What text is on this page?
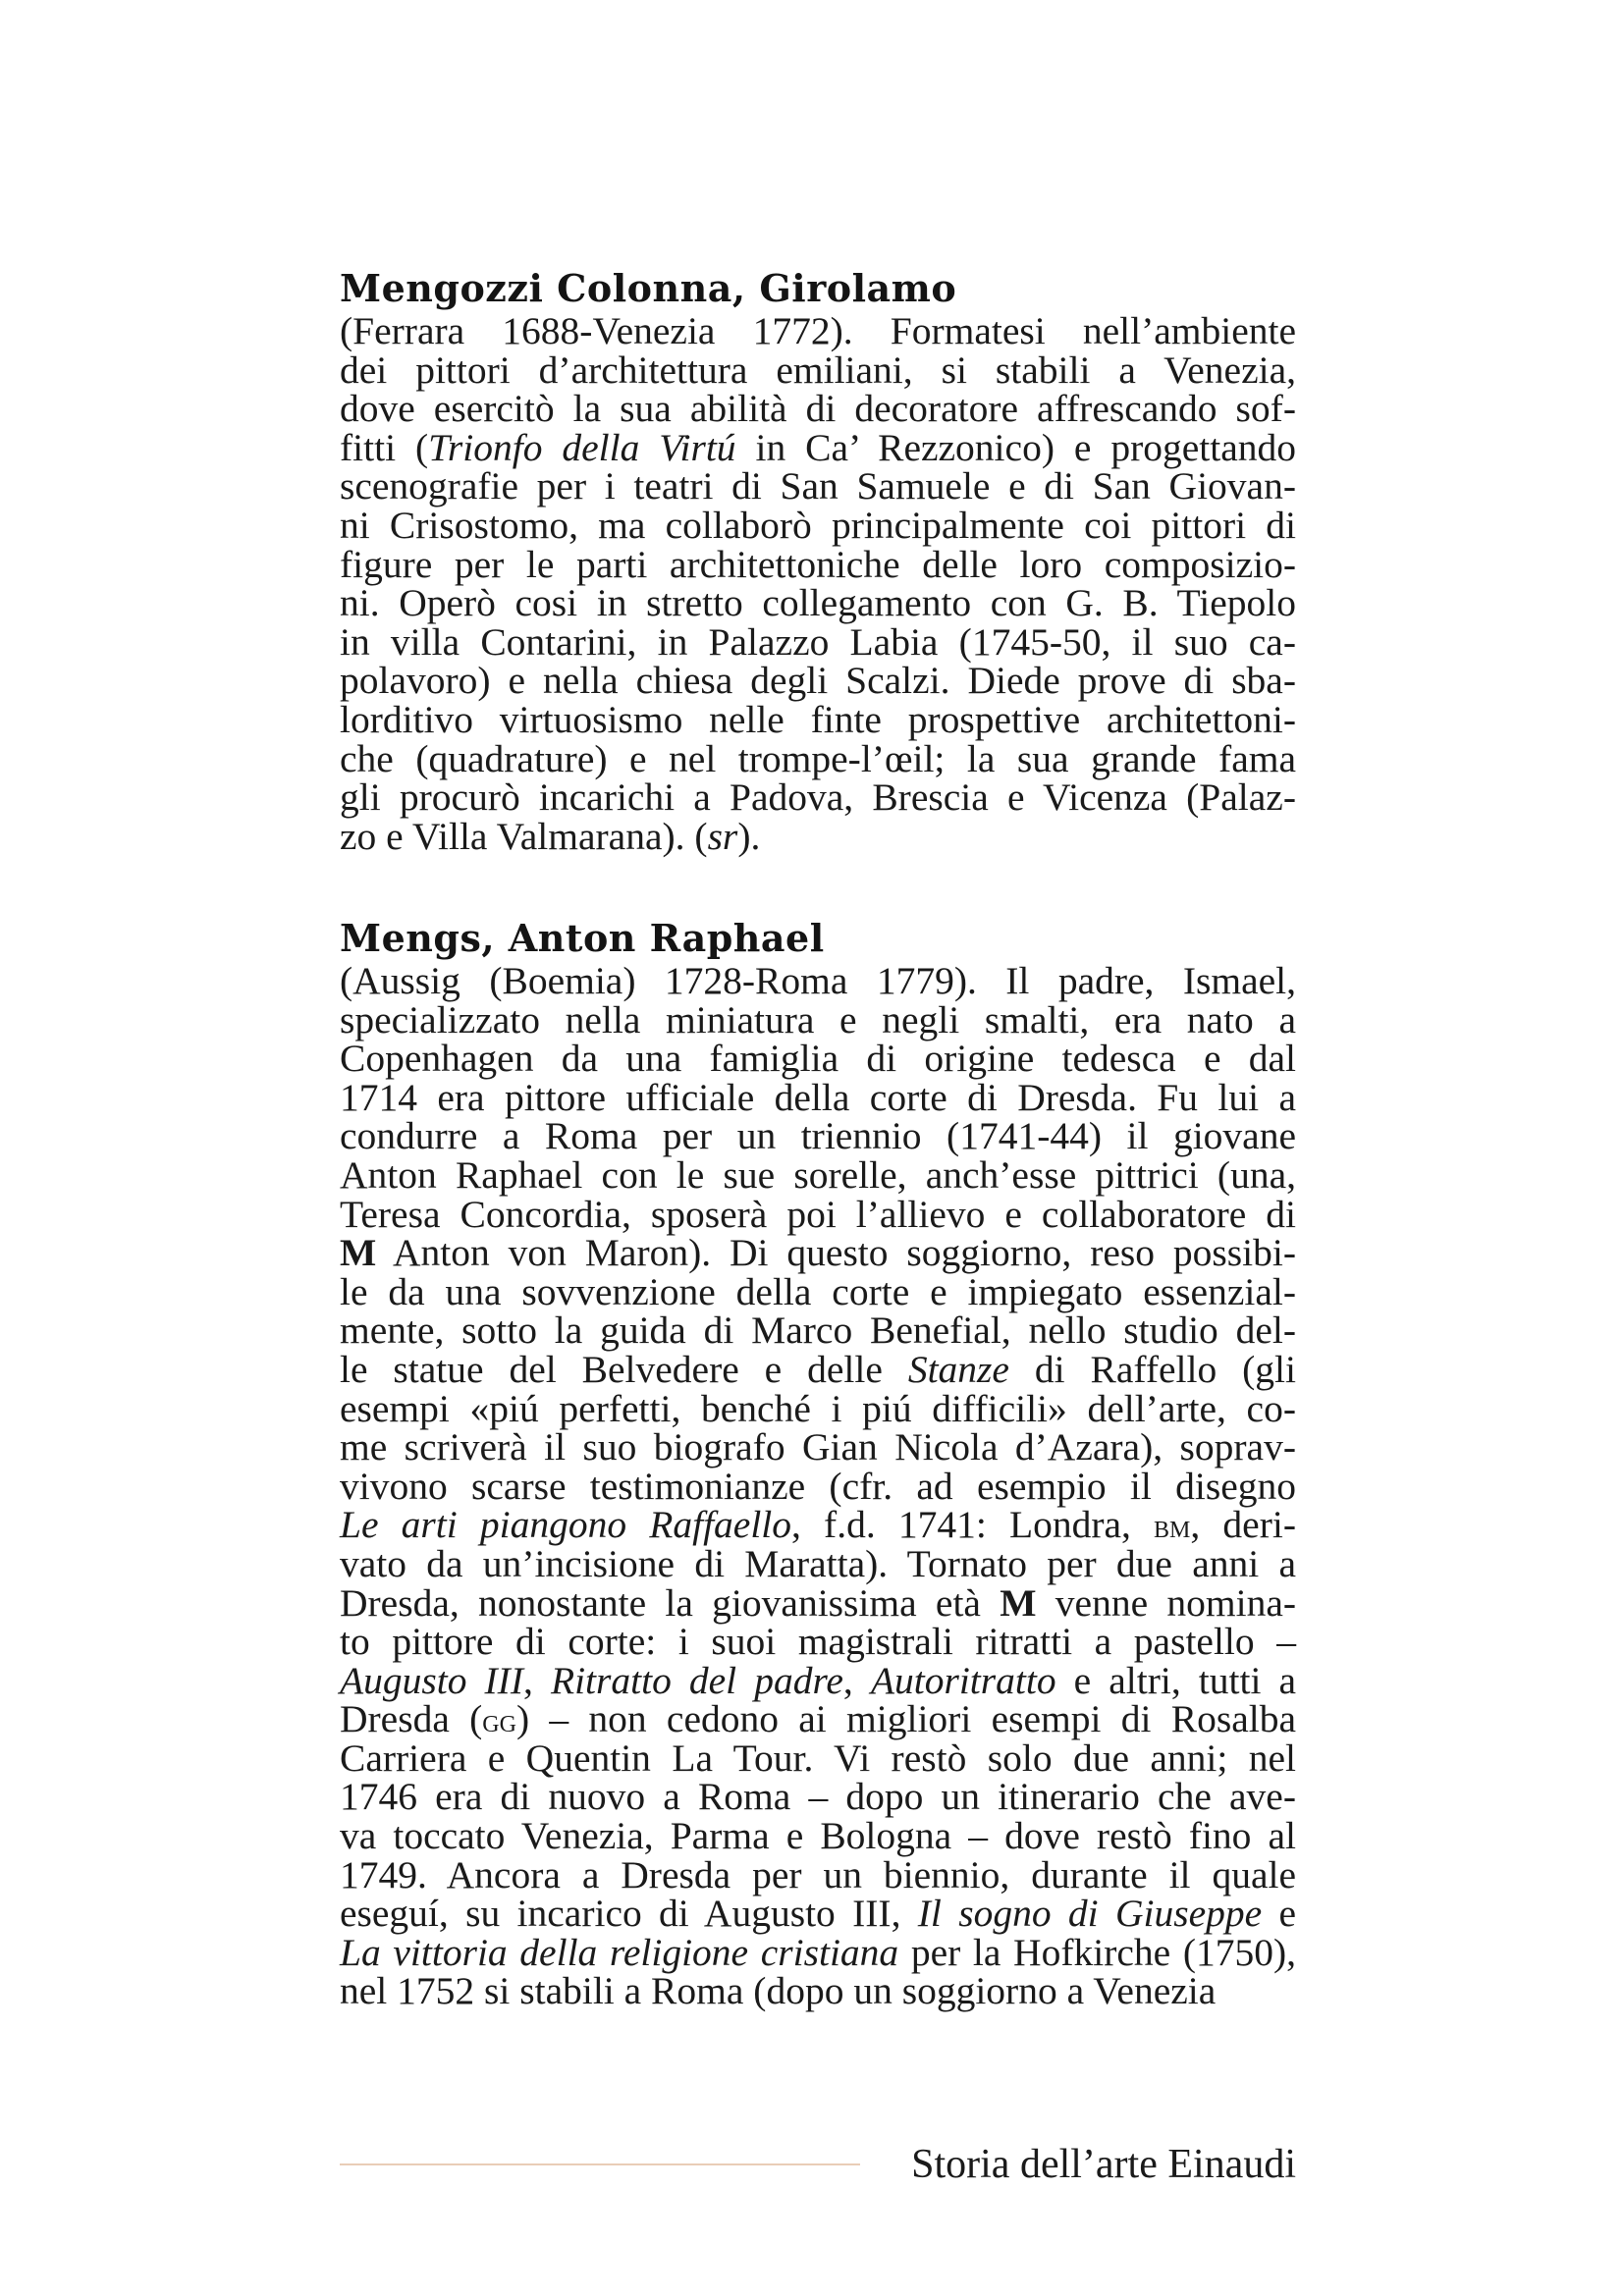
Mengozzi Colonna, Girolamo
(Ferrara 1688-Venezia 1772). Formatesi nell’ambiente
dei pittori d’architettura emiliani, si stabili a Venezia,
dove esercitò la sua abilità di decoratore affrescando sof-
fitti (Trionfo della Virtú in Ca’ Rezzonico) e progettando
scenografie per i teatri di San Samuele e di San Giovan-
ni Crisostomo, ma collaborò principalmente coi pittori di
figure per le parti architettoniche delle loro composizio-
ni. Operò cosi in stretto collegamento con G. B. Tiepolo
in villa Contarini, in Palazzo Labia (1745-50, il suo ca-
polavoro) e nella chiesa degli Scalzi. Diede prove di sba-
lorditivo virtuosismo nelle finte prospettive architettoni-
che (quadrature) e nel trompe-l’œil; la sua grande fama
gli procurò incarichi a Padova, Brescia e Vicenza (Palaz-
zo e Villa Valmarana). (sr).
Mengs, Anton Raphael
(Aussig (Boemia) 1728-Roma 1779). Il padre, Ismael,
specializzato nella miniatura e negli smalti, era nato a
Copenhagen da una famiglia di origine tedesca e dal
1714 era pittore ufficiale della corte di Dresda. Fu lui a
condurre a Roma per un triennio (1741-44) il giovane
Anton Raphael con le sue sorelle, anch’esse pittrici (una,
Teresa Concordia, sposerà poi l’allievo e collaboratore di
M Anton von Maron). Di questo soggiorno, reso possibi-
le da una sovvenzione della corte e impiegato essenzial-
mente, sotto la guida di Marco Benefial, nello studio del-
le statue del Belvedere e delle Stanze di Raffello (gli
esempi «piú perfetti, benché i piú difficili» dell’arte, co-
me scriverà il suo biografo Gian Nicola d’Azara), soprav-
vivono scarse testimonianze (cfr. ad esempio il disegno
Le arti piangono Raffaello, f.d. 1741: Londra, bm, deri-
vato da un’incisione di Maratta). Tornato per due anni a
Dresda, nonostante la giovanissima età M venne nomina-
to pittore di corte: i suoi magistrali ritratti a pastello –
Augusto III, Ritratto del padre, Autoritratto e altri, tutti a
Dresda (gg) – non cedono ai migliori esempi di Rosalba
Carriera e Quentin La Tour. Vi restò solo due anni; nel
1746 era di nuovo a Roma – dopo un itinerario che ave-
va toccato Venezia, Parma e Bologna – dove restò fino al
1749. Ancora a Dresda per un biennio, durante il quale
eseguí, su incarico di Augusto III, Il sogno di Giuseppe e
La vittoria della religione cristiana per la Hofkirche (1750),
nel 1752 si stabili a Roma (dopo un soggiorno a Venezia
Storia dell’arte Einaudi
